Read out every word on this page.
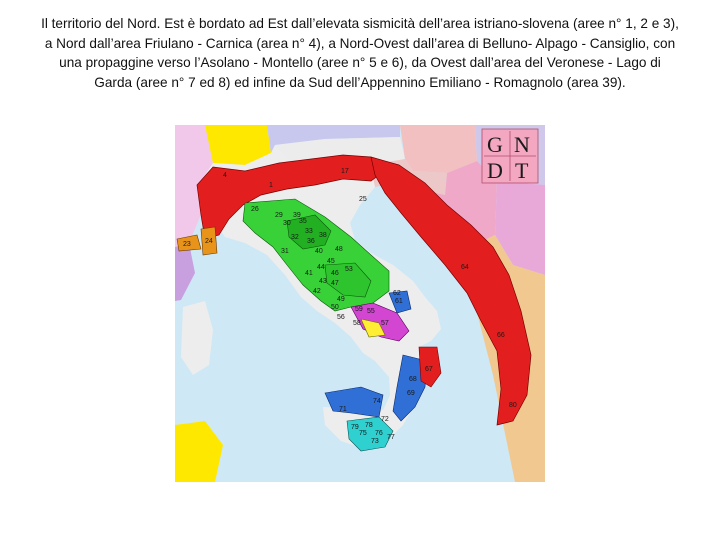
Il territorio del Nord. Est è bordato ad Est dall’elevata sismicità dell’area istriano-slovena (aree n° 1, 2 e 3), a Nord dall’area Friulano - Carnica (area n° 4), a Nord-Ovest dall’area di Belluno- Alpago - Cansiglio, con una propaggine verso l’Asolano - Montello (aree n° 5 e 6), da Ovest dall’area del Veronese - Lago di Garda (aree n° 7 ed 8) ed infine da Sud dell’Appennino Emiliano - Romagnolo (area 39).
4
1
17
25
23 24
26
29
30
31
32
33
35
36
38
39
40
41
42
43
44
45
46
47
48
49
50
53
55
56
57
58
59
61
62
64
66
67
68
69
71
72
73
74
75 76
77
78
79
80
G N
D T
